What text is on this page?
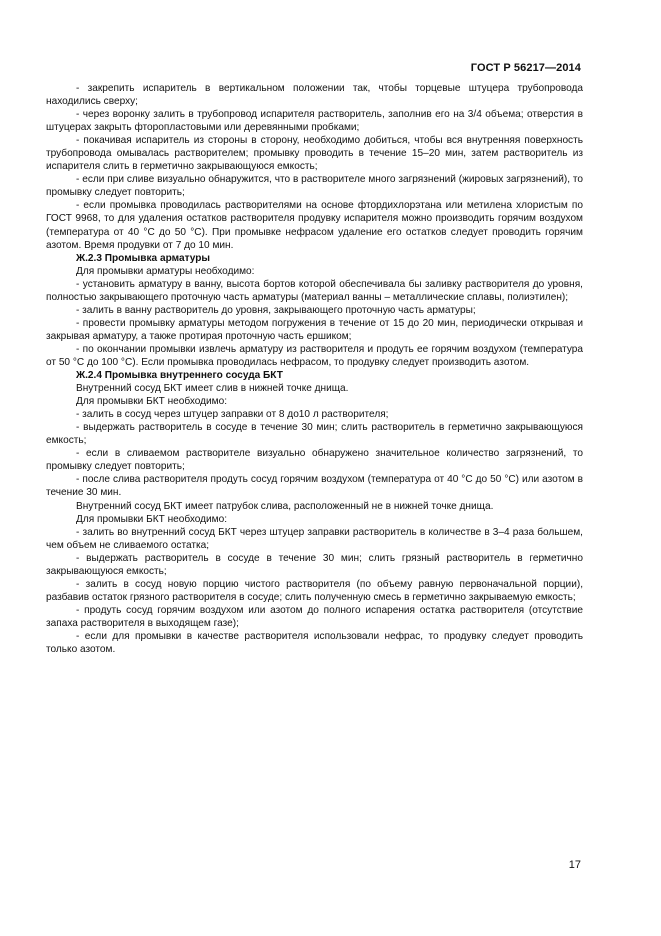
ГОСТ Р 56217—2014

- закрепить испаритель в вертикальном положении так, чтобы торцевые штуцера трубопровода находились сверху;

- через воронку залить в трубопровод испарителя растворитель, заполнив его на 3/4 объема; отверстия в штуцерах закрыть фторопластовыми или деревянными пробками;

- покачивая испаритель из стороны в сторону, необходимо добиться, чтобы вся внутренняя поверхность трубопровода омывалась растворителем; промывку проводить в течение 15–20 мин, затем растворитель из испарителя слить в герметично закрывающуюся емкость;

- если при сливе визуально обнаружится, что в растворителе много загрязнений (жировых загрязнений), то промывку следует повторить;

- если промывка проводилась растворителями на основе фтордихлорэтана или метилена хлористым по ГОСТ 9968, то для удаления остатков растворителя продувку испарителя можно производить горячим воздухом (температура от 40 °С до 50 °С). При промывке нефрасом удаление его остатков следует проводить горячим азотом. Время продувки от 7 до 10 мин.

Ж.2.3 Промывка арматуры

Для промывки арматуры необходимо:

- установить арматуру в ванну, высота бортов которой обеспечивала бы заливку растворителя до уровня, полностью закрывающего проточную часть арматуры (материал ванны – металлические сплавы, полиэтилен);

- залить в ванну растворитель до уровня, закрывающего проточную часть арматуры;

- провести промывку арматуры методом погружения в течение от 15 до 20 мин, периодически открывая и закрывая арматуру, а также протирая проточную часть ершиком;

- по окончании промывки извлечь арматуру из растворителя и продуть ее горячим воздухом (температура от 50 °С до 100 °С). Если промывка проводилась нефрасом, то продувку следует производить азотом.

Ж.2.4 Промывка внутреннего сосуда БКТ

Внутренний сосуд БКТ имеет слив в нижней точке днища.

Для промывки БКТ необходимо:

- залить в сосуд через штуцер заправки от 8 до10 л растворителя;

- выдержать растворитель в сосуде в течение 30 мин; слить растворитель в герметично закрывающуюся емкость;

- если в сливаемом растворителе визуально обнаружено значительное количество загрязнений, то промывку следует повторить;

- после слива растворителя продуть сосуд горячим воздухом (температура от 40 °С до 50 °С) или азотом в течение 30 мин.

Внутренний сосуд БКТ имеет патрубок слива, расположенный не в нижней точке днища.

Для промывки БКТ необходимо:

- залить во внутренний сосуд БКТ через штуцер заправки растворитель в количестве в 3–4 раза большем, чем объем не сливаемого остатка;

- выдержать растворитель в сосуде в течение 30 мин; слить грязный растворитель в герметично закрывающуюся емкость;

- залить в сосуд новую порцию чистого растворителя (по объему равную первоначальной порции), разбавив остаток грязного растворителя в сосуде; слить полученную смесь в герметично закрываемую емкость;

- продуть сосуд горячим воздухом или азотом до полного испарения остатка растворителя (отсутствие запаха растворителя в выходящем газе);

- если для промывки в качестве растворителя использовали нефрас, то продувку следует проводить только азотом.

17
